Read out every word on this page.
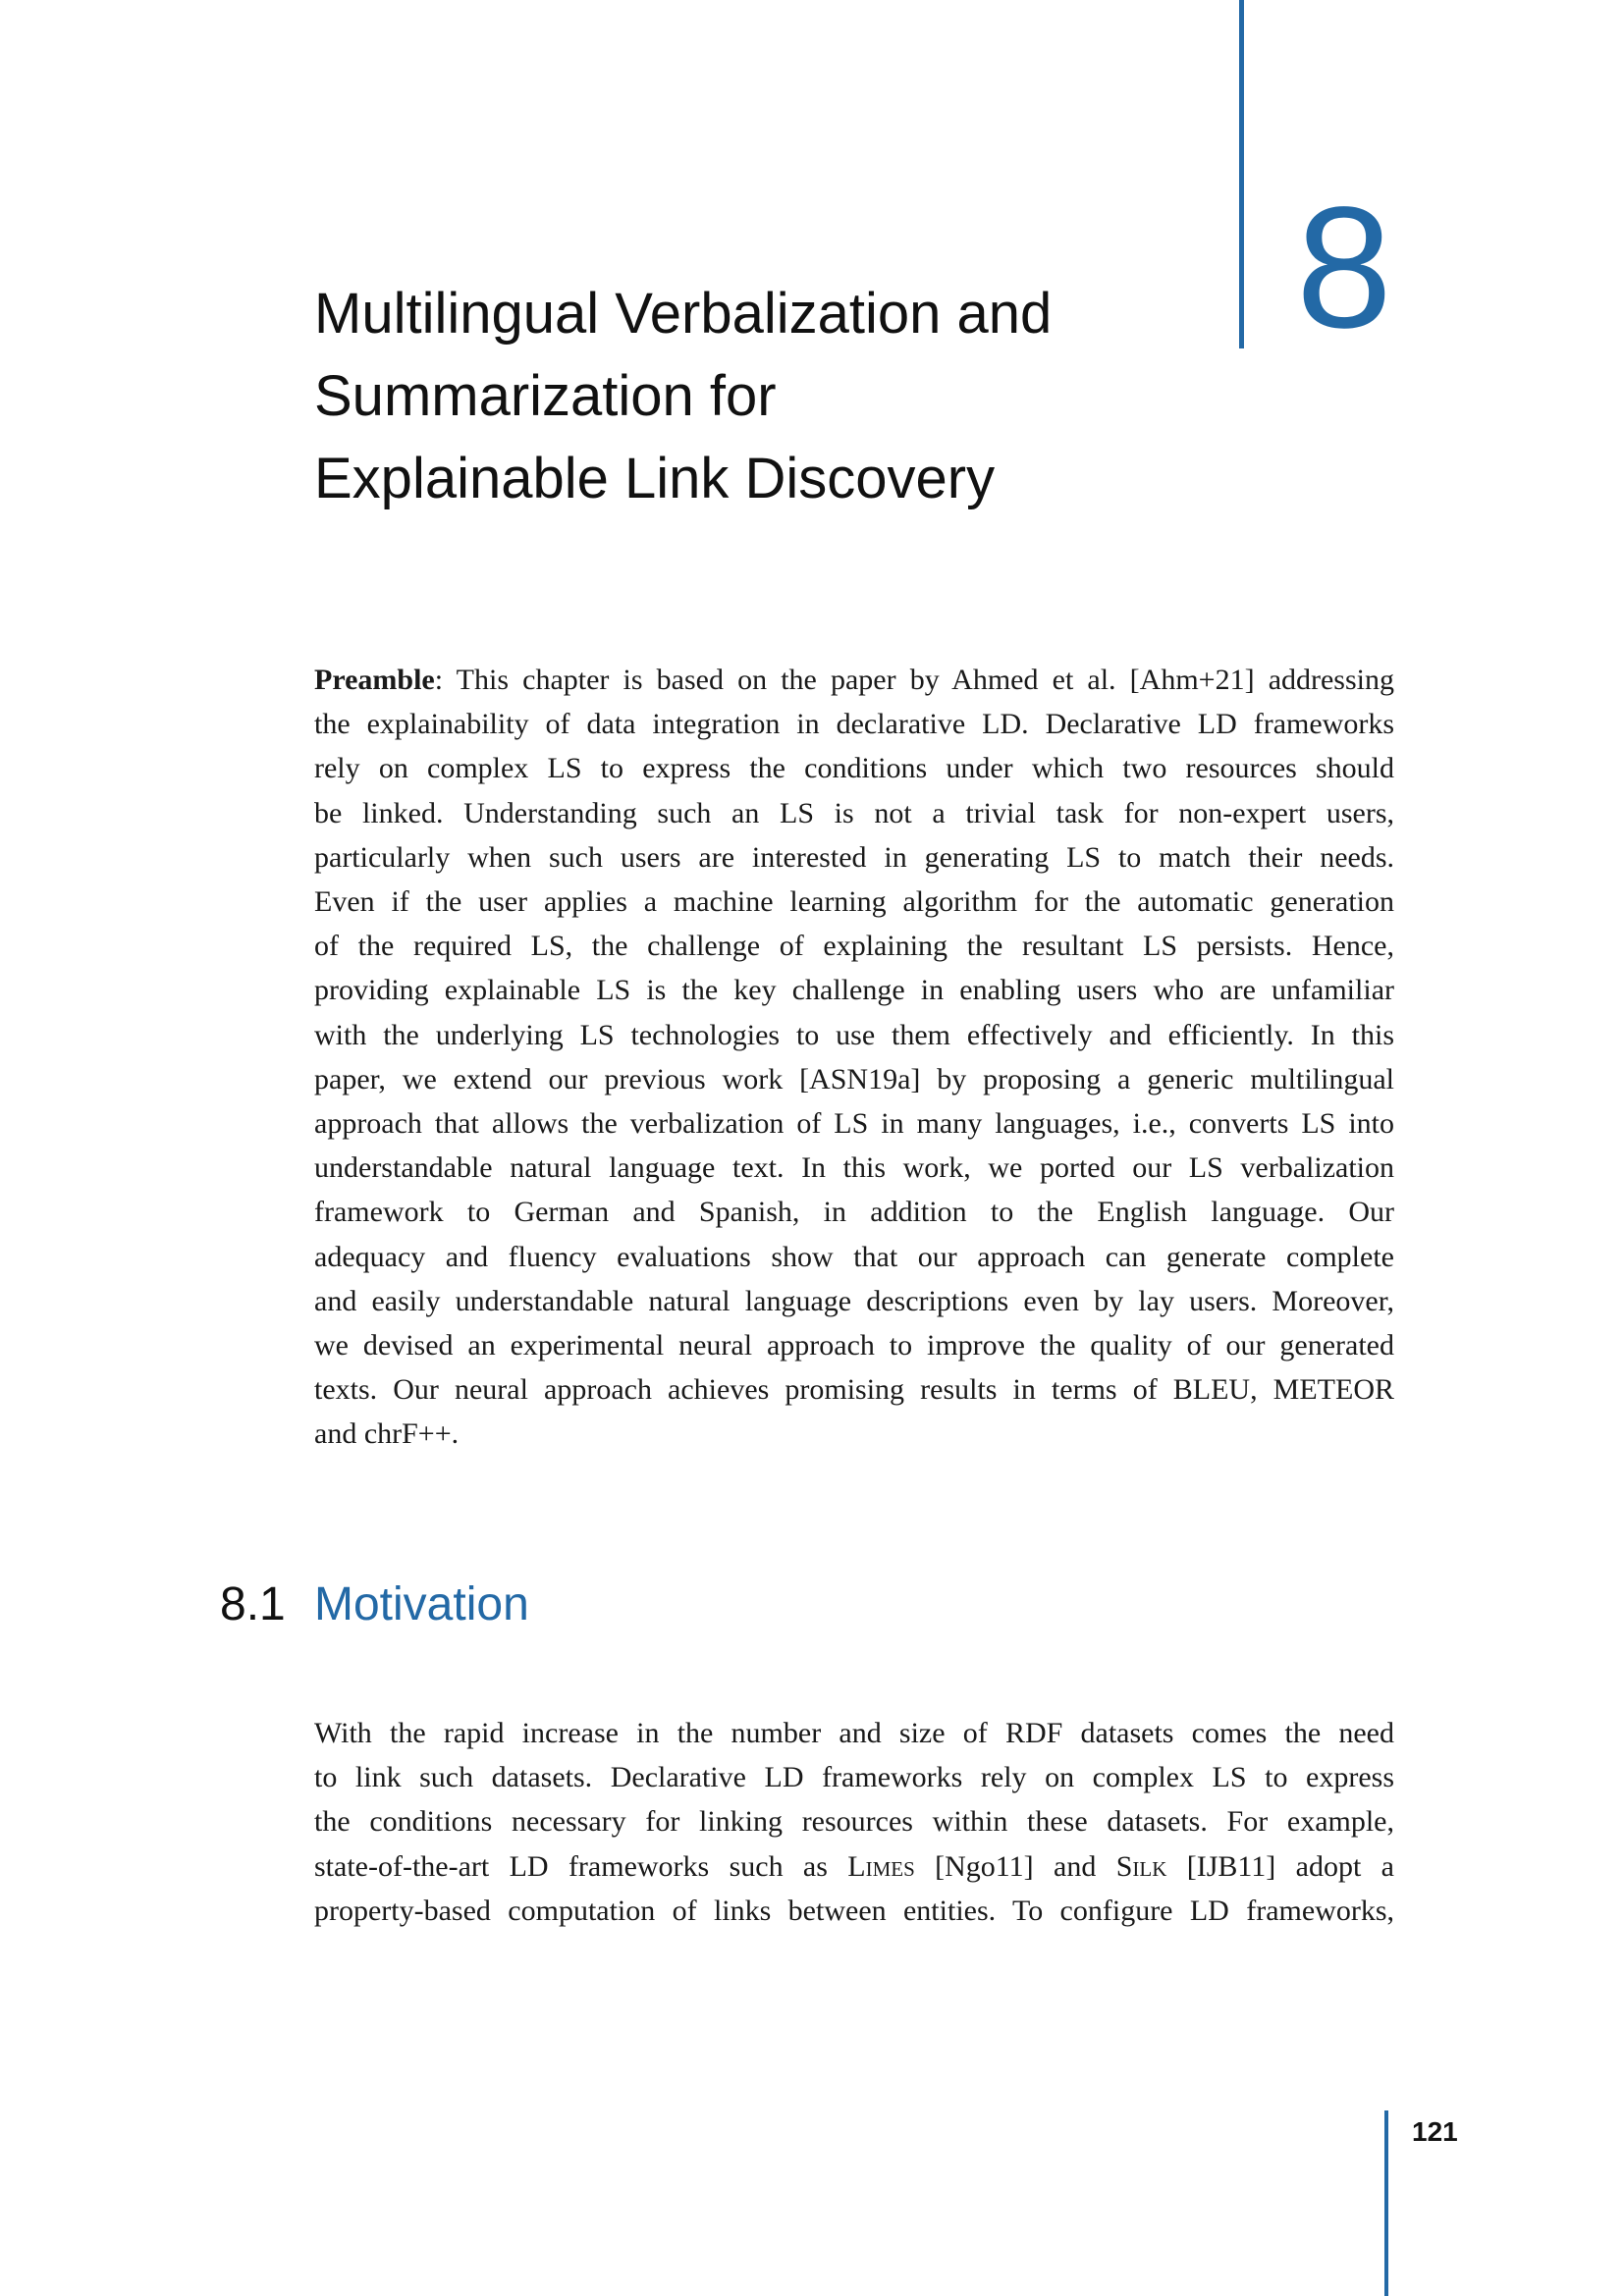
8
Multilingual Verbalization and
Summarization for
Explainable Link Discovery
Preamble: This chapter is based on the paper by Ahmed et al. [Ahm+21] addressing
the explainability of data integration in declarative LD. Declarative LD frameworks
rely on complex LS to express the conditions under which two resources should
be linked. Understanding such an LS is not a trivial task for non-expert users,
particularly when such users are interested in generating LS to match their needs.
Even if the user applies a machine learning algorithm for the automatic generation
of the required LS, the challenge of explaining the resultant LS persists. Hence,
providing explainable LS is the key challenge in enabling users who are unfamiliar
with the underlying LS technologies to use them effectively and efficiently. In this
paper, we extend our previous work [ASN19a] by proposing a generic multilingual
approach that allows the verbalization of LS in many languages, i.e., converts LS into
understandable natural language text. In this work, we ported our LS verbalization
framework to German and Spanish, in addition to the English language. Our
adequacy and fluency evaluations show that our approach can generate complete
and easily understandable natural language descriptions even by lay users. Moreover,
we devised an experimental neural approach to improve the quality of our generated
texts. Our neural approach achieves promising results in terms of BLEU, METEOR
and chrF++.
8.1 Motivation
With the rapid increase in the number and size of RDF datasets comes the need
to link such datasets. Declarative LD frameworks rely on complex LS to express
the conditions necessary for linking resources within these datasets. For example,
state-of-the-art LD frameworks such as Limes [Ngo11] and Silk [IJB11] adopt a
property-based computation of links between entities. To configure LD frameworks,
121
